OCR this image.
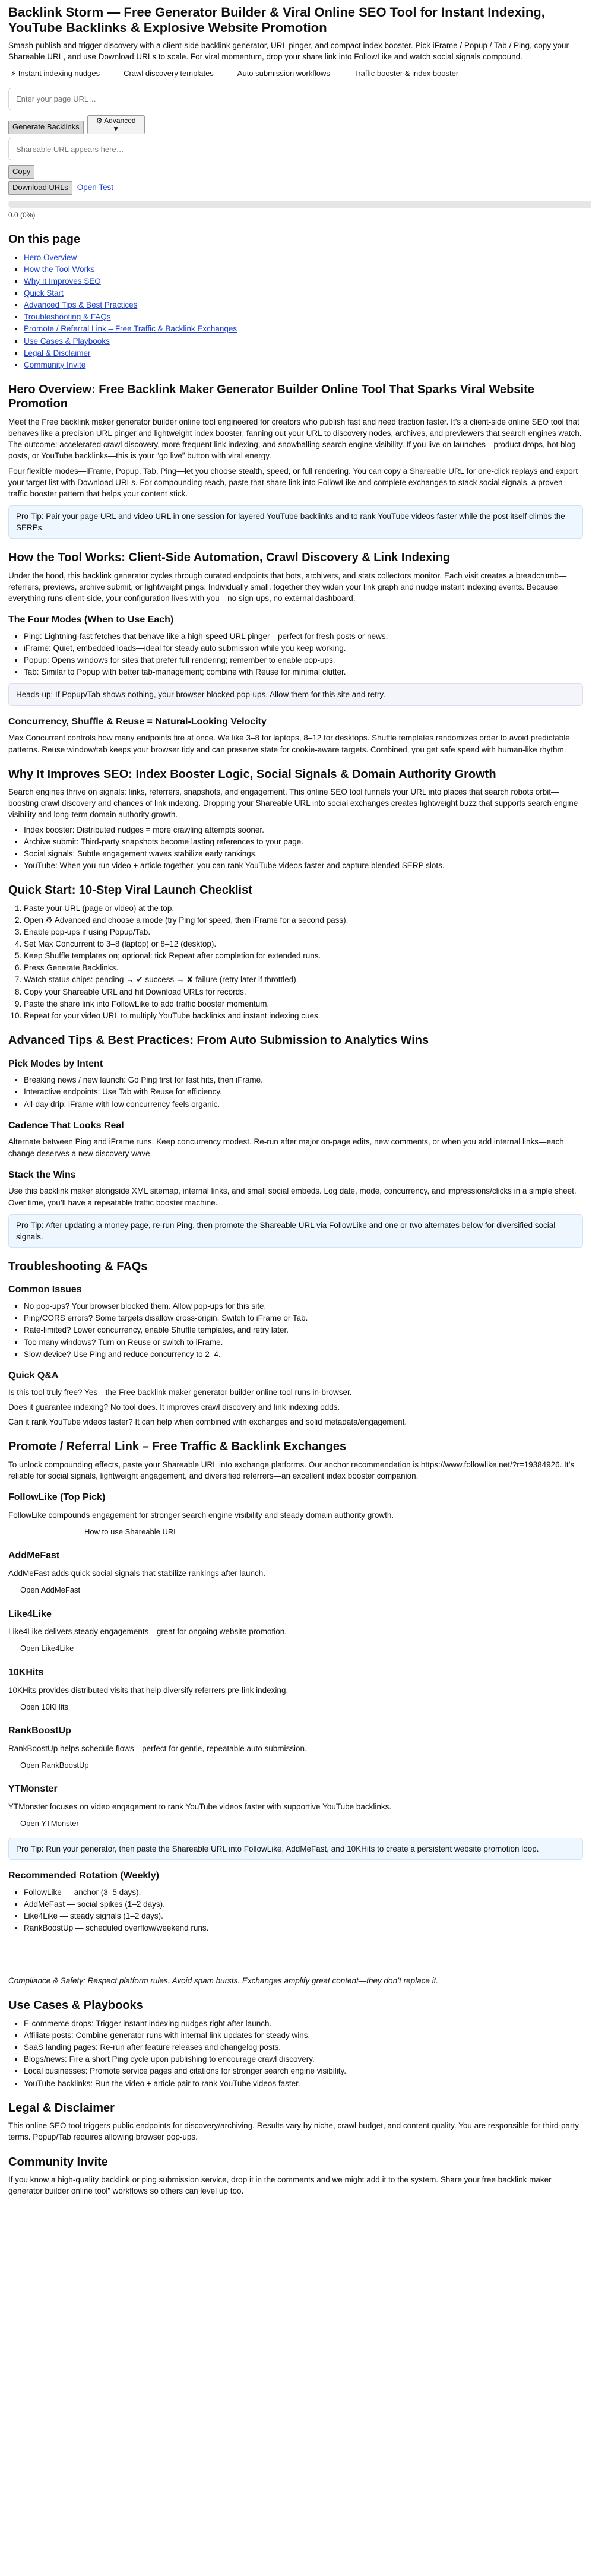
Backlink Storm — Free Generator Builder & Viral Online SEO Tool for Instant Indexing, YouTube Backlinks & Explosive Website Promotion

Smash publish and trigger discovery with a client-side backlink generator, URL pinger, and compact index booster. Pick iFrame / Popup / Tab / Ping, copy your Shareable URL, and use Download URLs to scale. For viral momentum, drop your share link into FollowLike and watch social signals compound.

⚡ Instant indexing nudges	Crawl discovery templates	Auto submission workflows	Traffic booster & index booster
Enter your page URL…
Generate Backlinks
⚙ Advanced
▼
Shareable URL appears here…
Copy
Download URLs Open Test
0.0 (0%)
On this page
• Hero Overview
• How the Tool Works
• Why It Improves SEO
• Quick Start
• Advanced Tips & Best Practices
• Troubleshooting & FAQs
• Promote / Referral Link – Free Traffic & Backlink Exchanges
• Use Cases & Playbooks
• Legal & Disclaimer
• Community Invite
Hero Overview: Free Backlink Maker Generator Builder Online Tool That Sparks Viral Website Promotion

Meet the Free backlink maker generator builder online tool engineered for creators who publish fast and need traction faster. It’s a client-side online SEO tool that behaves like a precision URL pinger and lightweight index booster, fanning out your URL to discovery nodes, archives, and previewers that search engines watch. The outcome: accelerated crawl discovery, more frequent link indexing, and snowballing search engine visibility. If you live on launches—product drops, hot blog posts, or YouTube backlinks—this is your “go live” button with viral energy.

Four flexible modes—iFrame, Popup, Tab, Ping—let you choose stealth, speed, or full rendering. You can copy a Shareable URL for one-click replays and export your target list with Download URLs. For compounding reach, paste that share link into FollowLike and complete exchanges to stack social signals, a proven traffic booster pattern that helps your content stick.

Pro Tip: Pair your page URL and video URL in one session for layered YouTube backlinks and to rank YouTube videos faster while the post itself climbs the SERPs.
How the Tool Works: Client-Side Automation, Crawl Discovery & Link Indexing

Under the hood, this backlink generator cycles through curated endpoints that bots, archivers, and stats collectors monitor. Each visit creates a breadcrumb—referrers, previews, archive submit, or lightweight pings. Individually small, together they widen your link graph and nudge instant indexing events. Because everything runs client-side, your configuration lives with you—no sign-ups, no external dashboard.

The Four Modes (When to Use Each)
• Ping: Lightning-fast fetches that behave like a high-speed URL pinger—perfect for fresh posts or news.
• iFrame: Quiet, embedded loads—ideal for steady auto submission while you keep working.
• Popup: Opens windows for sites that prefer full rendering; remember to enable pop-ups.
• Tab: Similar to Popup with better tab-management; combine with Reuse for minimal clutter.
Heads-up: If Popup/Tab shows nothing, your browser blocked pop-ups. Allow them for this site and retry.
Concurrency, Shuffle & Reuse = Natural-Looking Velocity

Max Concurrent controls how many endpoints fire at once. We like 3–8 for laptops, 8–12 for desktops. Shuffle templates randomizes order to avoid predictable patterns. Reuse window/tab keeps your browser tidy and can preserve state for cookie-aware targets. Combined, you get safe speed with human-like rhythm.

Why It Improves SEO: Index Booster Logic, Social Signals & Domain Authority Growth

Search engines thrive on signals: links, referrers, snapshots, and engagement. This online SEO tool funnels your URL into places that search robots orbit—boosting crawl discovery and chances of link indexing. Dropping your Shareable URL into social exchanges creates lightweight buzz that supports search engine visibility and long-term domain authority growth.

• Index booster: Distributed nudges = more crawling attempts sooner.
• Archive submit: Third-party snapshots become lasting references to your page.
• Social signals: Subtle engagement waves stabilize early rankings.
• YouTube: When you run video + article together, you can rank YouTube videos faster and capture blended SERP slots.
Quick Start: 10-Step Viral Launch Checklist
1. Paste your URL (page or video) at the top.
2. Open ⚙ Advanced and choose a mode (try Ping for speed, then iFrame for a second pass).
3. Enable pop-ups if using Popup/Tab.
4. Set Max Concurrent to 3–8 (laptop) or 8–12 (desktop).
5. Keep Shuffle templates on; optional: tick Repeat after completion for extended runs.
6. Press Generate Backlinks.
7. Watch status chips: pending → ✔ success → ✘ failure (retry later if throttled).
8. Copy your Shareable URL and hit Download URLs for records.
9. Paste the share link into FollowLike to add traffic booster momentum.
10. Repeat for your video URL to multiply YouTube backlinks and instant indexing cues.
Advanced Tips & Best Practices: From Auto Submission to Analytics Wins
Pick Modes by Intent
• Breaking news / new launch: Go Ping first for fast hits, then iFrame.
• Interactive endpoints: Use Tab with Reuse for efficiency.
• All-day drip: iFrame with low concurrency feels organic.
Cadence That Looks Real

Alternate between Ping and iFrame runs. Keep concurrency modest. Re-run after major on-page edits, new comments, or when you add internal links—each change deserves a new discovery wave.

Stack the Wins

Use this backlink maker alongside XML sitemap, internal links, and small social embeds. Log date, mode, concurrency, and impressions/clicks in a simple sheet. Over time, you’ll have a repeatable traffic booster machine.

Pro Tip: After updating a money page, re-run Ping, then promote the Shareable URL via FollowLike and one or two alternates below for diversified social signals.
Troubleshooting & FAQs
Common Issues
• No pop-ups? Your browser blocked them. Allow pop-ups for this site.
• Ping/CORS errors? Some targets disallow cross-origin. Switch to iFrame or Tab.
• Rate-limited? Lower concurrency, enable Shuffle templates, and retry later.
• Too many windows? Turn on Reuse or switch to iFrame.
• Slow device? Use Ping and reduce concurrency to 2–4.
Quick Q&A

Is this tool truly free? Yes—the Free backlink maker generator builder online tool runs in-browser.

Does it guarantee indexing? No tool does. It improves crawl discovery and link indexing odds.

Can it rank YouTube videos faster? It can help when combined with exchanges and solid metadata/engagement.

Promote / Referral Link – Free Traffic & Backlink Exchanges

To unlock compounding effects, paste your Shareable URL into exchange platforms. Our anchor recommendation is https://www.followlike.net/?r=19384926. It’s reliable for social signals, lightweight engagement, and diversified referrers—an excellent index booster companion.

FollowLike (Top Pick)

FollowLike compounds engagement for stronger search engine visibility and steady domain authority growth.

How to use Shareable URL
AddMeFast

AddMeFast adds quick social signals that stabilize rankings after launch.

Open AddMeFast
Like4Like

Like4Like delivers steady engagements—great for ongoing website promotion.

Open Like4Like
10KHits

10KHits provides distributed visits that help diversify referrers pre-link indexing.

Open 10KHits
RankBoostUp

RankBoostUp helps schedule flows—perfect for gentle, repeatable auto submission.

Open RankBoostUp
YTMonster

YTMonster focuses on video engagement to rank YouTube videos faster with supportive YouTube backlinks.

Open YTMonster
Pro Tip: Run your generator, then paste the Shareable URL into FollowLike, AddMeFast, and 10KHits to create a persistent website promotion loop.
Recommended Rotation (Weekly)
• FollowLike — anchor (3–5 days).
• AddMeFast — social spikes (1–2 days).
• Like4Like — steady signals (1–2 days).
• RankBoostUp — scheduled overflow/weekend runs.

Compliance & Safety: Respect platform rules. Avoid spam bursts. Exchanges amplify great content—they don’t replace it.

Use Cases & Playbooks
• E-commerce drops: Trigger instant indexing nudges right after launch.
• Affiliate posts: Combine generator runs with internal link updates for steady wins.
• SaaS landing pages: Re-run after feature releases and changelog posts.
• Blogs/news: Fire a short Ping cycle upon publishing to encourage crawl discovery.
• Local businesses: Promote service pages and citations for stronger search engine visibility.
• YouTube backlinks: Run the video + article pair to rank YouTube videos faster.
Legal & Disclaimer

This online SEO tool triggers public endpoints for discovery/archiving. Results vary by niche, crawl budget, and content quality. You are responsible for third-party terms. Popup/Tab requires allowing browser pop-ups.

Community Invite

If you know a high-quality backlink or ping submission service, drop it in the comments and we might add it to the system. Share your free backlink maker generator builder online tool” workflows so others can level up too.
